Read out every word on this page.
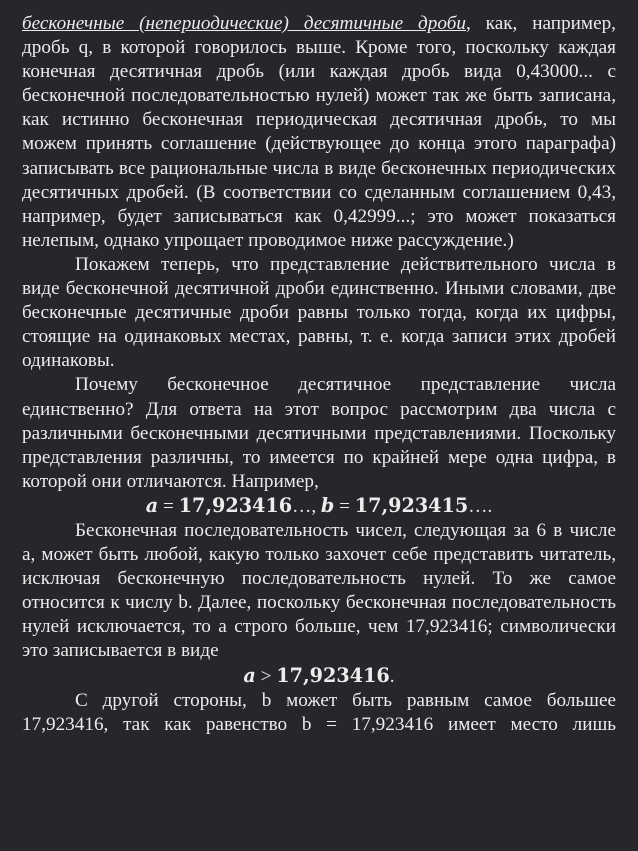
бесконечные (непериодические) десятичные дроби, как, например, дробь q, в которой говорилось выше. Кроме того, поскольку каждая конечная десятичная дробь (или каждая дробь вида 0,43000... с бесконечной последовательностью нулей) может так же быть записана, как истинно бесконечная периодическая десятичная дробь, то мы можем принять соглашение (действующее до конца этого параграфа) записывать все рациональные числа в виде бесконечных периодических десятичных дробей. (В соответствии со сделанным соглашением 0,43, например, будет записываться как 0,42999...; это может показаться нелепым, однако упрощает проводимое ниже рассуждение.)

Покажем теперь, что представление действительного числа в виде бесконечной десятичной дроби единственно. Иными словами, две бесконечные десятичные дроби равны только тогда, когда их цифры, стоящие на одинаковых местах, равны, т. е. когда записи этих дробей одинаковы.

Почему бесконечное десятичное представление числа единственно? Для ответа на этот вопрос рассмотрим два числа с различными бесконечными десятичными представлениями. Поскольку представления различны, то имеется по крайней мере одна цифра, в которой они отличаются. Например,

a = 17,923416…, b = 17,923415….

Бесконечная последовательность чисел, следующая за 6 в числе a, может быть любой, какую только захочет себе представить читатель, исключая бесконечную последовательность нулей. То же самое относится к числу b. Далее, поскольку бесконечная последовательность нулей исключается, то a строго больше, чем 17,923416; символически это записывается в виде

a > 17,923416.

С другой стороны, b может быть равным самое большее 17,923416, так как равенство b = 17,923416 имеет место лишь
